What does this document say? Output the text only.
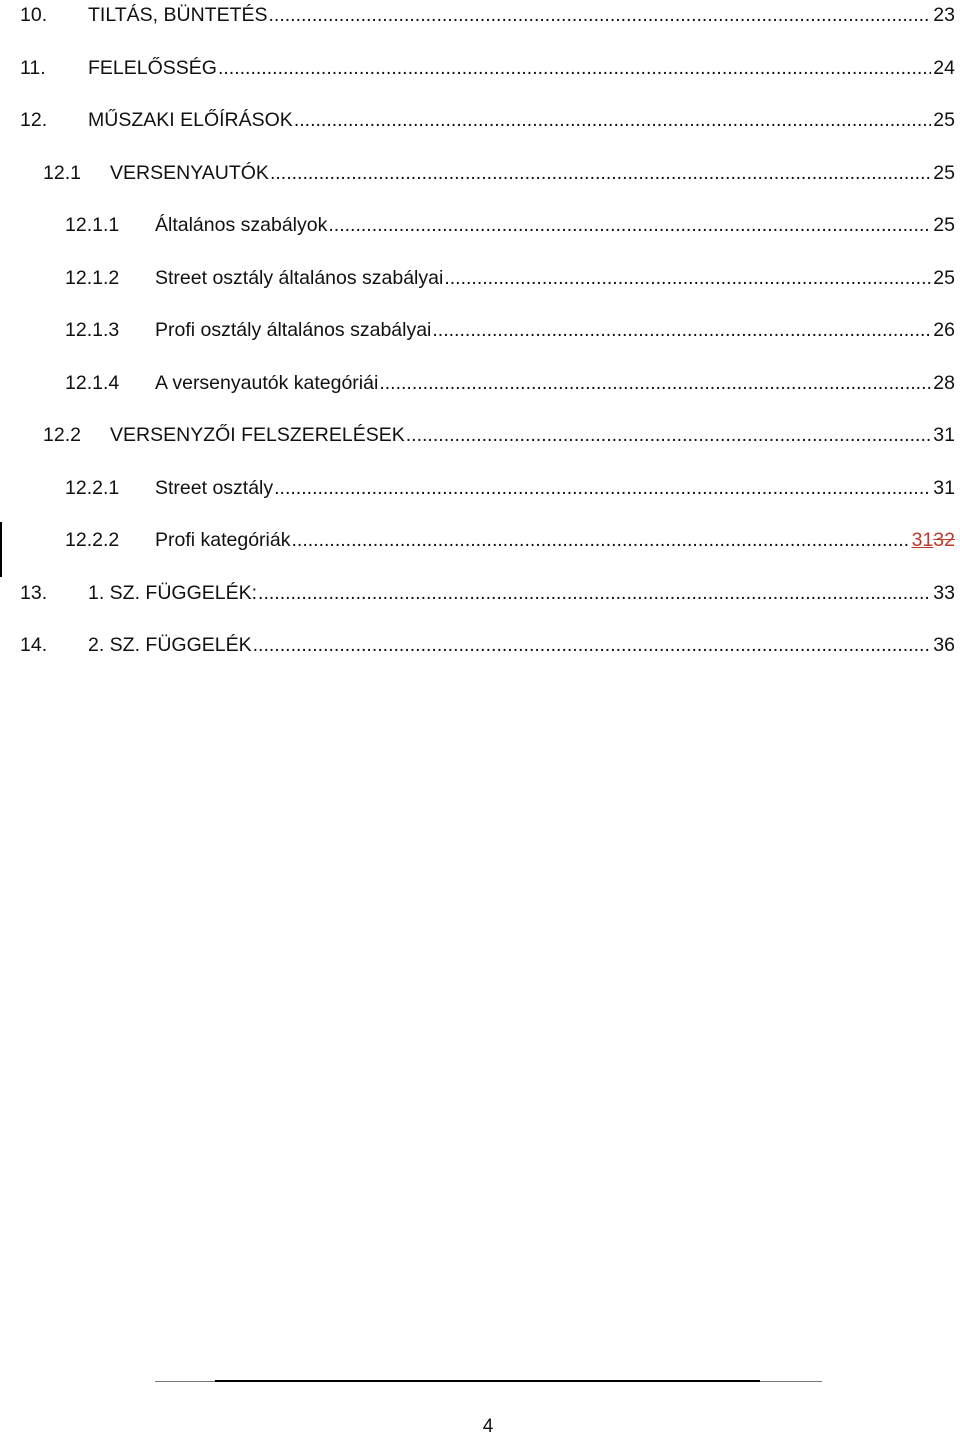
10.	TILTÁS, BÜNTETÉS .....	23
11.	FELELŐSSÉG .....	24
12.	MŰSZAKI ELŐÍRÁSOK .....	25
12.1	VERSENYAUTÓK .....	25
12.1.1	Általános szabályok .....	25
12.1.2	Street osztály általános szabályai .....	25
12.1.3	Profi osztály általános szabályai .....	26
12.1.4	A versenyautók kategóriái .....	28
12.2	VERSENYZŐI FELSZERELÉSEK .....	31
12.2.1	Street osztály .....	31
12.2.2	Profi kategóriák .....	3132
13.	1. SZ. FÜGGELÉK: .....	33
14.	2. SZ. FÜGGELÉK .....	36
4
